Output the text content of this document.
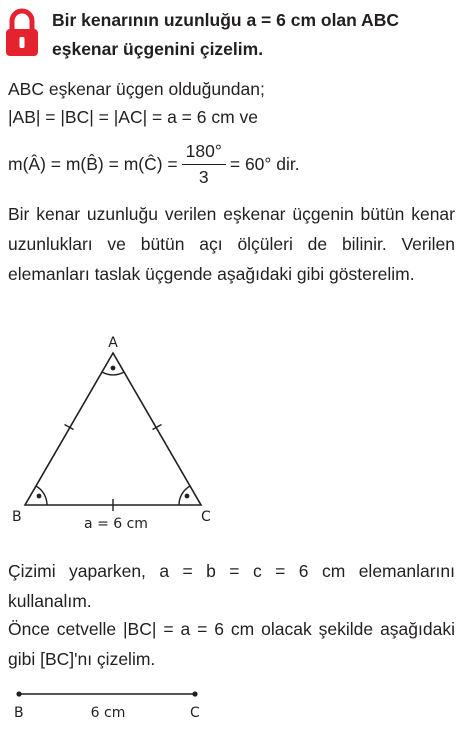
Bir kenarının uzunluğu a = 6 cm olan ABC eşkenar üçgenini çizelim.
ABC eşkenar üçgen olduğundan;
|AB| = |BC| = |AC| = a = 6 cm ve
m(Â) = m(B̂) = m(Ĉ) = $\frac{180^\circ}{3} = 60^\circ$ dir.
Bir kenar uzunluğu verilen eşkenar üçgenin bütün kenar uzunlukları ve bütün açı ölçüleri de bilinir. Verilen elemanları taslak üçgende aşağıdaki gibi gösterelim.
A
B	C
a = 6 cm
Çizimi yaparken, a = b = c = 6 cm elemanlarını kullanalım.
Önce cetvelle |BC| = a = 6 cm olacak şekilde aşağıdaki gibi [BC]'nı çizelim.
B	6 cm	C
